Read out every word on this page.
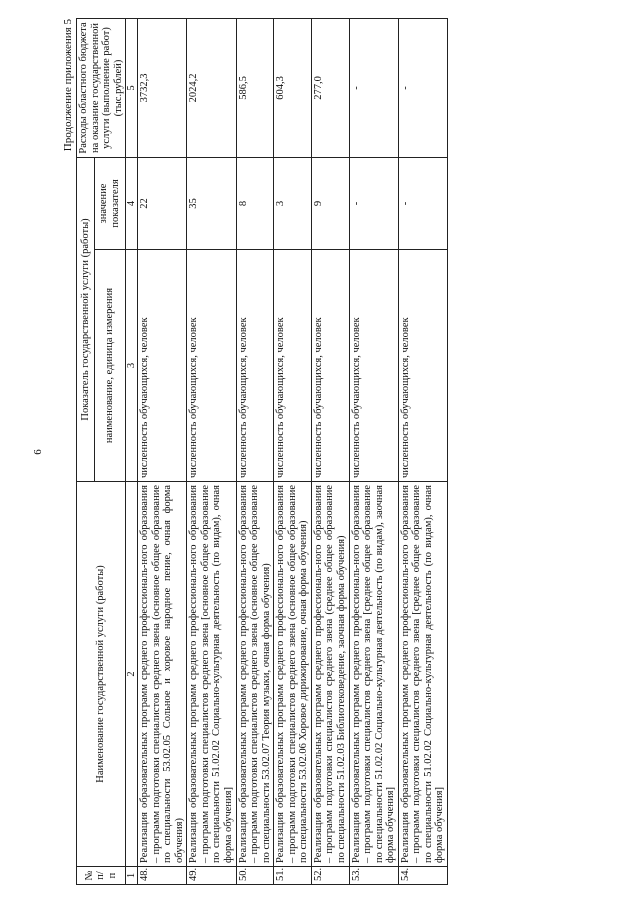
6
Продолжение приложения 5
№ п/п	Наименование государственной услуги (работы)	Показатель государственной услуги (работы)		Расходы областного бюджета на оказание государственной услуги (выполнение работ) (тыс.рублей)
		наименование, единица измерения	значение показателя	
1	2	3	4	5
48.	Реализация образовательных программ среднего профессиональ-ного образования – программ подготовки специалистов среднего звена (основное общее образование по специальности 53.02.05 Сольное и хоровое народное пение, очная форма обучения)	численность обучающихся, человек	22	3732,3
49.	Реализация образовательных программ среднего профессиональ-ного образования – программ подготовки специалистов среднего звена [основное общее образование по специальности 51.02.02 Социально-культурная деятельность (по видам), очная форма обучения]	численность обучающихся, человек	35	2024,2
50.	Реализация образовательных программ среднего профессиональ-ного образования – программ подготовки специалистов среднего звена (основное общее образование по специальности 53.02.07 Теория музыки, очная форма обучения)	численность обучающихся, человек	8	586,5
51.	Реализация образовательных программ среднего профессиональ-ного образования – программ подготовки специалистов среднего звена (основное общее образование по специальности 53.02.06 Хоровое дирижирование, очная форма обучения)	численность обучающихся, человек	3	604,3
52.	Реализация образовательных программ среднего профессиональ-ного образования – программ подготовки специалистов среднего звена (среднее общее образование по специальности 51.02.03 Библиотековедение, заочная форма обучения)	численность обучающихся, человек	9	277,0
53.	Реализация образовательных программ среднего профессиональ-ного образования – программ подготовки специалистов среднего звена [среднее общее образование по специальности 51.02.02 Социально-культурная деятельность (по видам), заочная форма обучения]	численность обучающихся, человек	-	-
54.	Реализация образовательных программ среднего профессиональ-ного образования – программ подготовки специалистов среднего звена [среднее общее образование по специальности 51.02.02 Социально-культурная деятельность (по видам), очная форма обучения]	численность обучающихся, человек	-	-
